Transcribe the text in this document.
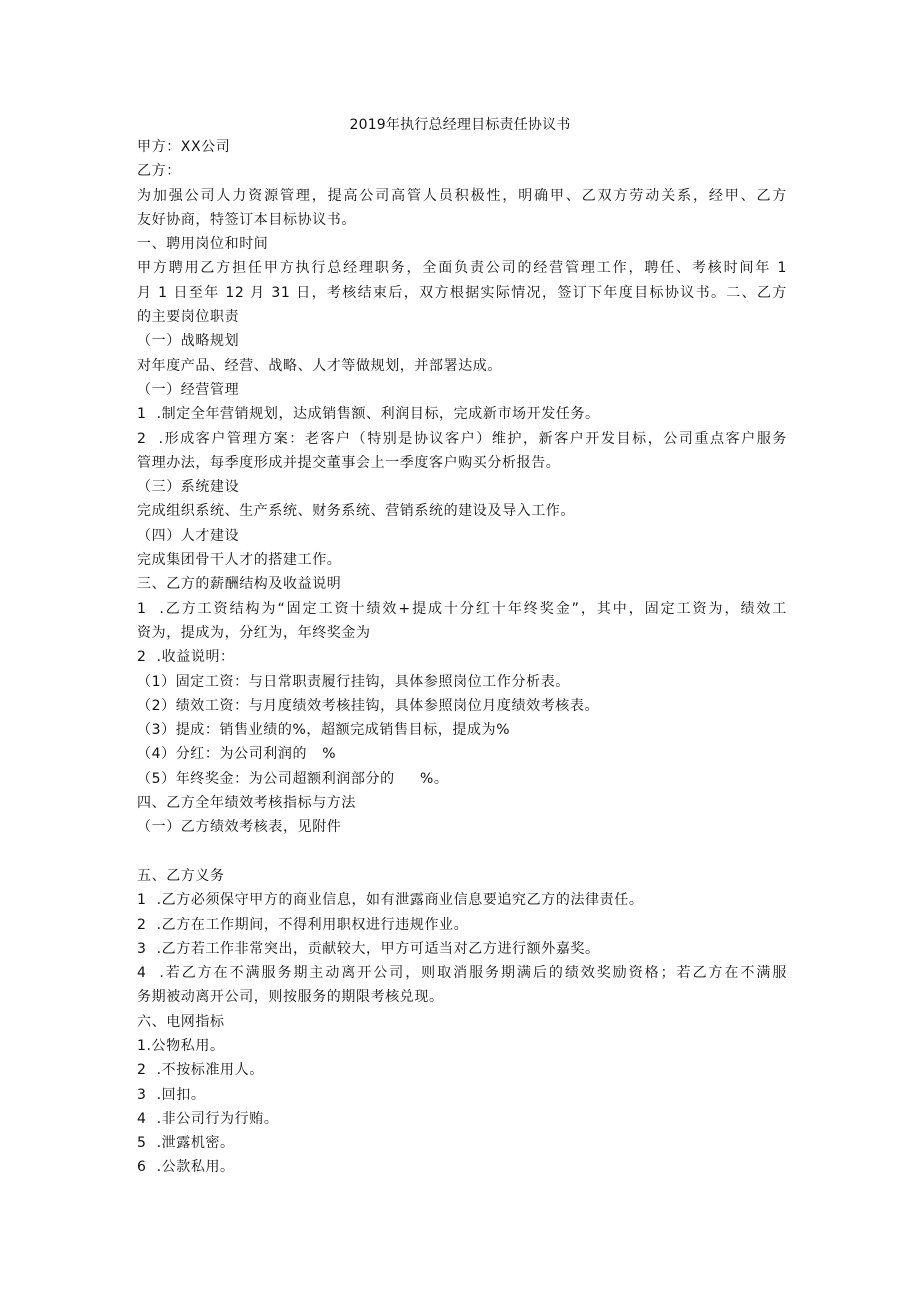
2019年执行总经理目标责任协议书
甲方：XX公司
乙方：
为加强公司人力资源管理，提高公司高管人员积极性，明确甲、乙双方劳动关系，经甲、乙方
友好协商，特签订本目标协议书。
一、聘用岗位和时间
甲方聘用乙方担任甲方执行总经理职务，全面负责公司的经营管理工作，聘任、考核时间年 1
月 1 日至年 12 月 31 日，考核结束后，双方根据实际情况，签订下年度目标协议书。二、乙方
的主要岗位职责
（一）战略规划
对年度产品、经营、战略、人才等做规划，并部署达成。
（一）经营管理
1  .制定全年营销规划，达成销售额、利润目标，完成新市场开发任务。
2  .形成客户管理方案：老客户（特别是协议客户）维护，新客户开发目标，公司重点客户服务
管理办法，每季度形成并提交董事会上一季度客户购买分析报告。
（三）系统建设
完成组织系统、生产系统、财务系统、营销系统的建设及导入工作。
（四）人才建设
完成集团骨干人才的搭建工作。
三、乙方的薪酬结构及收益说明
1  .乙方工资结构为“固定工资十绩效+提成十分红十年终奖金”，其中，固定工资为，绩效工
资为，提成为，分红为，年终奖金为
2  .收益说明：
（1）固定工资：与日常职责履行挂钩，具体参照岗位工作分析表。
（2）绩效工资：与月度绩效考核挂钩，具体参照岗位月度绩效考核表。
（3）提成：销售业绩的%，超额完成销售目标，提成为%
（4）分红：为公司利润的   %
（5）年终奖金：为公司超额利润部分的     %。
四、乙方全年绩效考核指标与方法
（一）乙方绩效考核表，见附件
五、乙方义务
1  .乙方必须保守甲方的商业信息，如有泄露商业信息要追究乙方的法律责任。
2  .乙方在工作期间，不得利用职权进行违规作业。
3  .乙方若工作非常突出，贡献较大，甲方可适当对乙方进行额外嘉奖。
4  .若乙方在不满服务期主动离开公司，则取消服务期满后的绩效奖励资格；若乙方在不满服
务期被动离开公司，则按服务的期限考核兑现。
六、电网指标
1.公物私用。
2  .不按标准用人。
3  .回扣。
4  .非公司行为行贿。
5  .泄露机密。
6  .公款私用。
